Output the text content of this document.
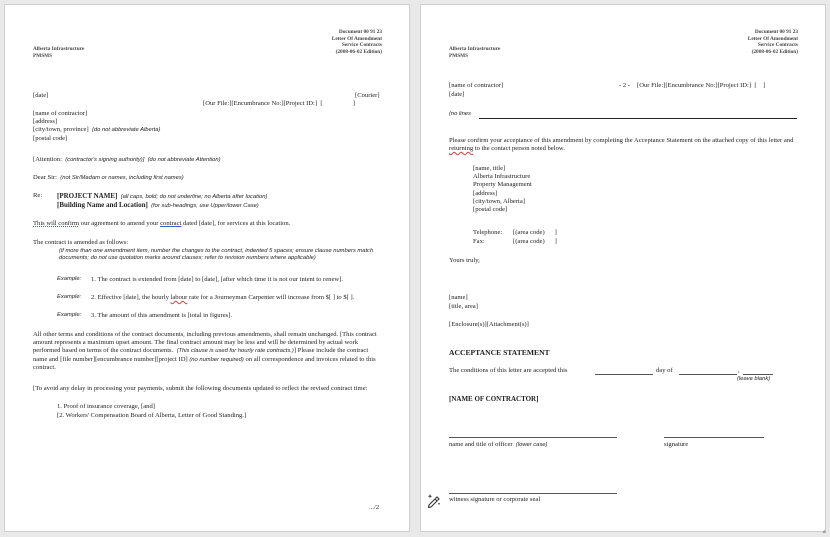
Document 00 91 23
Letter Of Amendment
Service Contracts
(2008-06-02 Edition)
Alberta Infrastructure
PMSMS
[date]	[Courier]
[Our File:][Encumbrance No:][Project ID:]  [	]
[name of contractor]
[address]
[city/town, province] (do not abbreviate Alberta)
[postal code]
[Attention: (contractor's signing authority)] (do not abbreviate Attention)
Dear Sir: (not Sir/Madam or names, including first names)
Re: [PROJECT NAME] (all caps, bold; do not underline; no Alberta after location)
[Building Name and Location] (for sub-headings, use Upper/lower Case)
This will confirm our agreement to amend your contract dated [date], for services at this location.
The contract is amended as follows:
(if more than one amendment item, number the changes to the contract, indented 5 spaces; ensure clause numbers match documents; do not use quotation marks around clauses; refer to revision numbers where applicable)
Example: 1. The contract is extended from [date] to [date], [after which time it is not our intent to renew].
Example: 2. Effective [date], the hourly labour rate for a Journeyman Carpenter will increase from $[ ] to $[ ].
Example: 3. The amount of this amendment is [total in figures].
All other terms and conditions of the contract documents, including previous amendments, shall remain unchanged. [This contract amount represents a maximum upset amount. The final contract amount may be less and will be determined by actual work performed based on terms of the contract documents. (This clause is used for hourly rate contracts.)] Please include the contract name and [file number][encumbrance number][project ID] (no number required) on all correspondence and invoices related to this contract.
[To avoid any delay in processing your payments, submit the following documents updated to reflect the revised contract time:
1. Proof of insurance coverage, [and]
[2. Workers' Compensation Board of Alberta, Letter of Good Standing.]
.../2
Document 00 91 23
Letter Of Amendment
Service Contracts
(2008-06-02 Edition)
Alberta Infrastructure
PMSMS
[name of contractor]
[date]
- 2 - [Our File:][Encumbrance No:][Project ID:]  [    ]
(no lines
Please confirm your acceptance of this amendment by completing the Acceptance Statement on the attached copy of this letter and returning to the contact person noted below.
[name, title]
Alberta Infrastructure
Property Management
[address]
[city/town, Alberta]
[postal code]
Telephone: [(area code)      ]
Fax:	[(area code)      ]
Yours truly,
[name]
[title, area]
[Enclosure(s)][Attachment(s)]
ACCEPTANCE STATEMENT
The conditions of this letter are accepted this	day of	,
(leave blank)
[NAME OF CONTRACTOR]
name and title of officer (lower case)	signature
witness signature or corporate seal
▴
